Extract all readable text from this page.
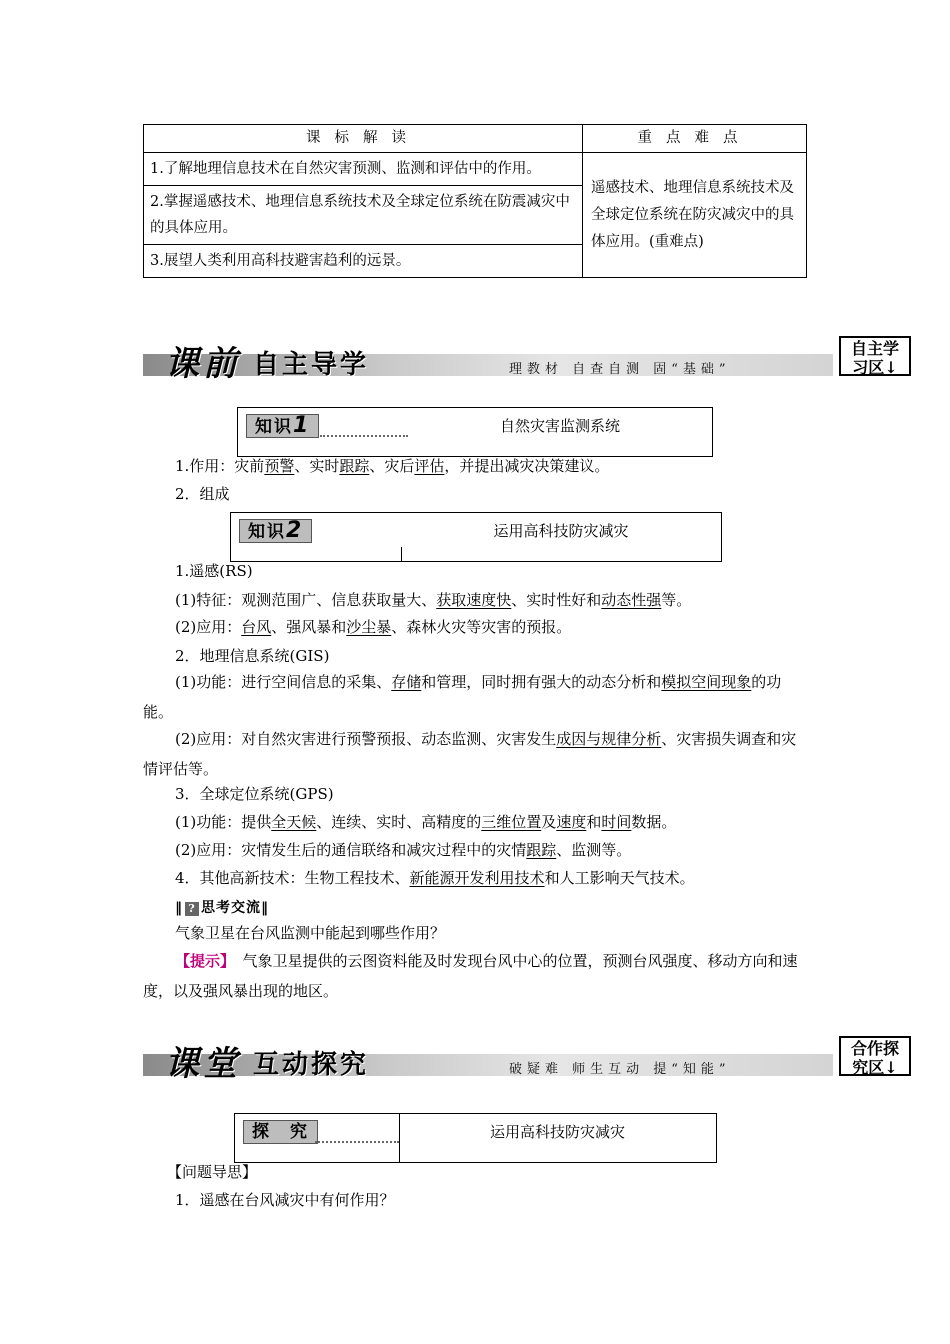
课标解读	重点难点
1.了解地理信息技术在自然灾害预测、监测和评估中的作用。	遥感技术、地理信息系统技术及全球定位系统在防灾减灾中的具体应用。(重难点)
2.掌握遥感技术、地理信息系统技术及全球定位系统在防震减灾中的具体应用。	
3.展望人类利用高科技避害趋利的远景。	
课前 自主导学	理教材 自查自测 固“基础”
自主学
习区↓
知识1	自然灾害监测系统
1.作用：灾前预警、实时跟踪、灾后评估，并提出减灾决策建议。
2．组成
知识2	运用高科技防灾减灾
1.遥感(RS)
(1)特征：观测范围广、信息获取量大、获取速度快、实时性好和动态性强等。
(2)应用：台风、强风暴和沙尘暴、森林火灾等灾害的预报。
2．地理信息系统(GIS)
(1)功能：进行空间信息的采集、存储和管理，同时拥有强大的动态分析和模拟空间现象的功能。
(2)应用：对自然灾害进行预警预报、动态监测、灾害发生成因与规律分析、灾害损失调查和灾情评估等。
3．全球定位系统(GPS)
(1)功能：提供全天候、连续、实时、高精度的三维位置及速度和时间数据。
(2)应用：灾情发生后的通信联络和减灾过程中的灾情跟踪、监测等。
4．其他高新技术：生物工程技术、新能源开发利用技术和人工影响天气技术。
‖ ? 思考交流‖
气象卫星在台风监测中能起到哪些作用？
【提示】　 气象卫星提供的云图资料能及时发现台风中心的位置，预测台风强度、移动方向和速度，以及强风暴出现的地区。
课堂 互动探究	破疑难 师生互动 提“知能”
合作探
究区↓
探　究	运用高科技防灾减灾
【问题导思】
1．遥感在台风减灾中有何作用？
